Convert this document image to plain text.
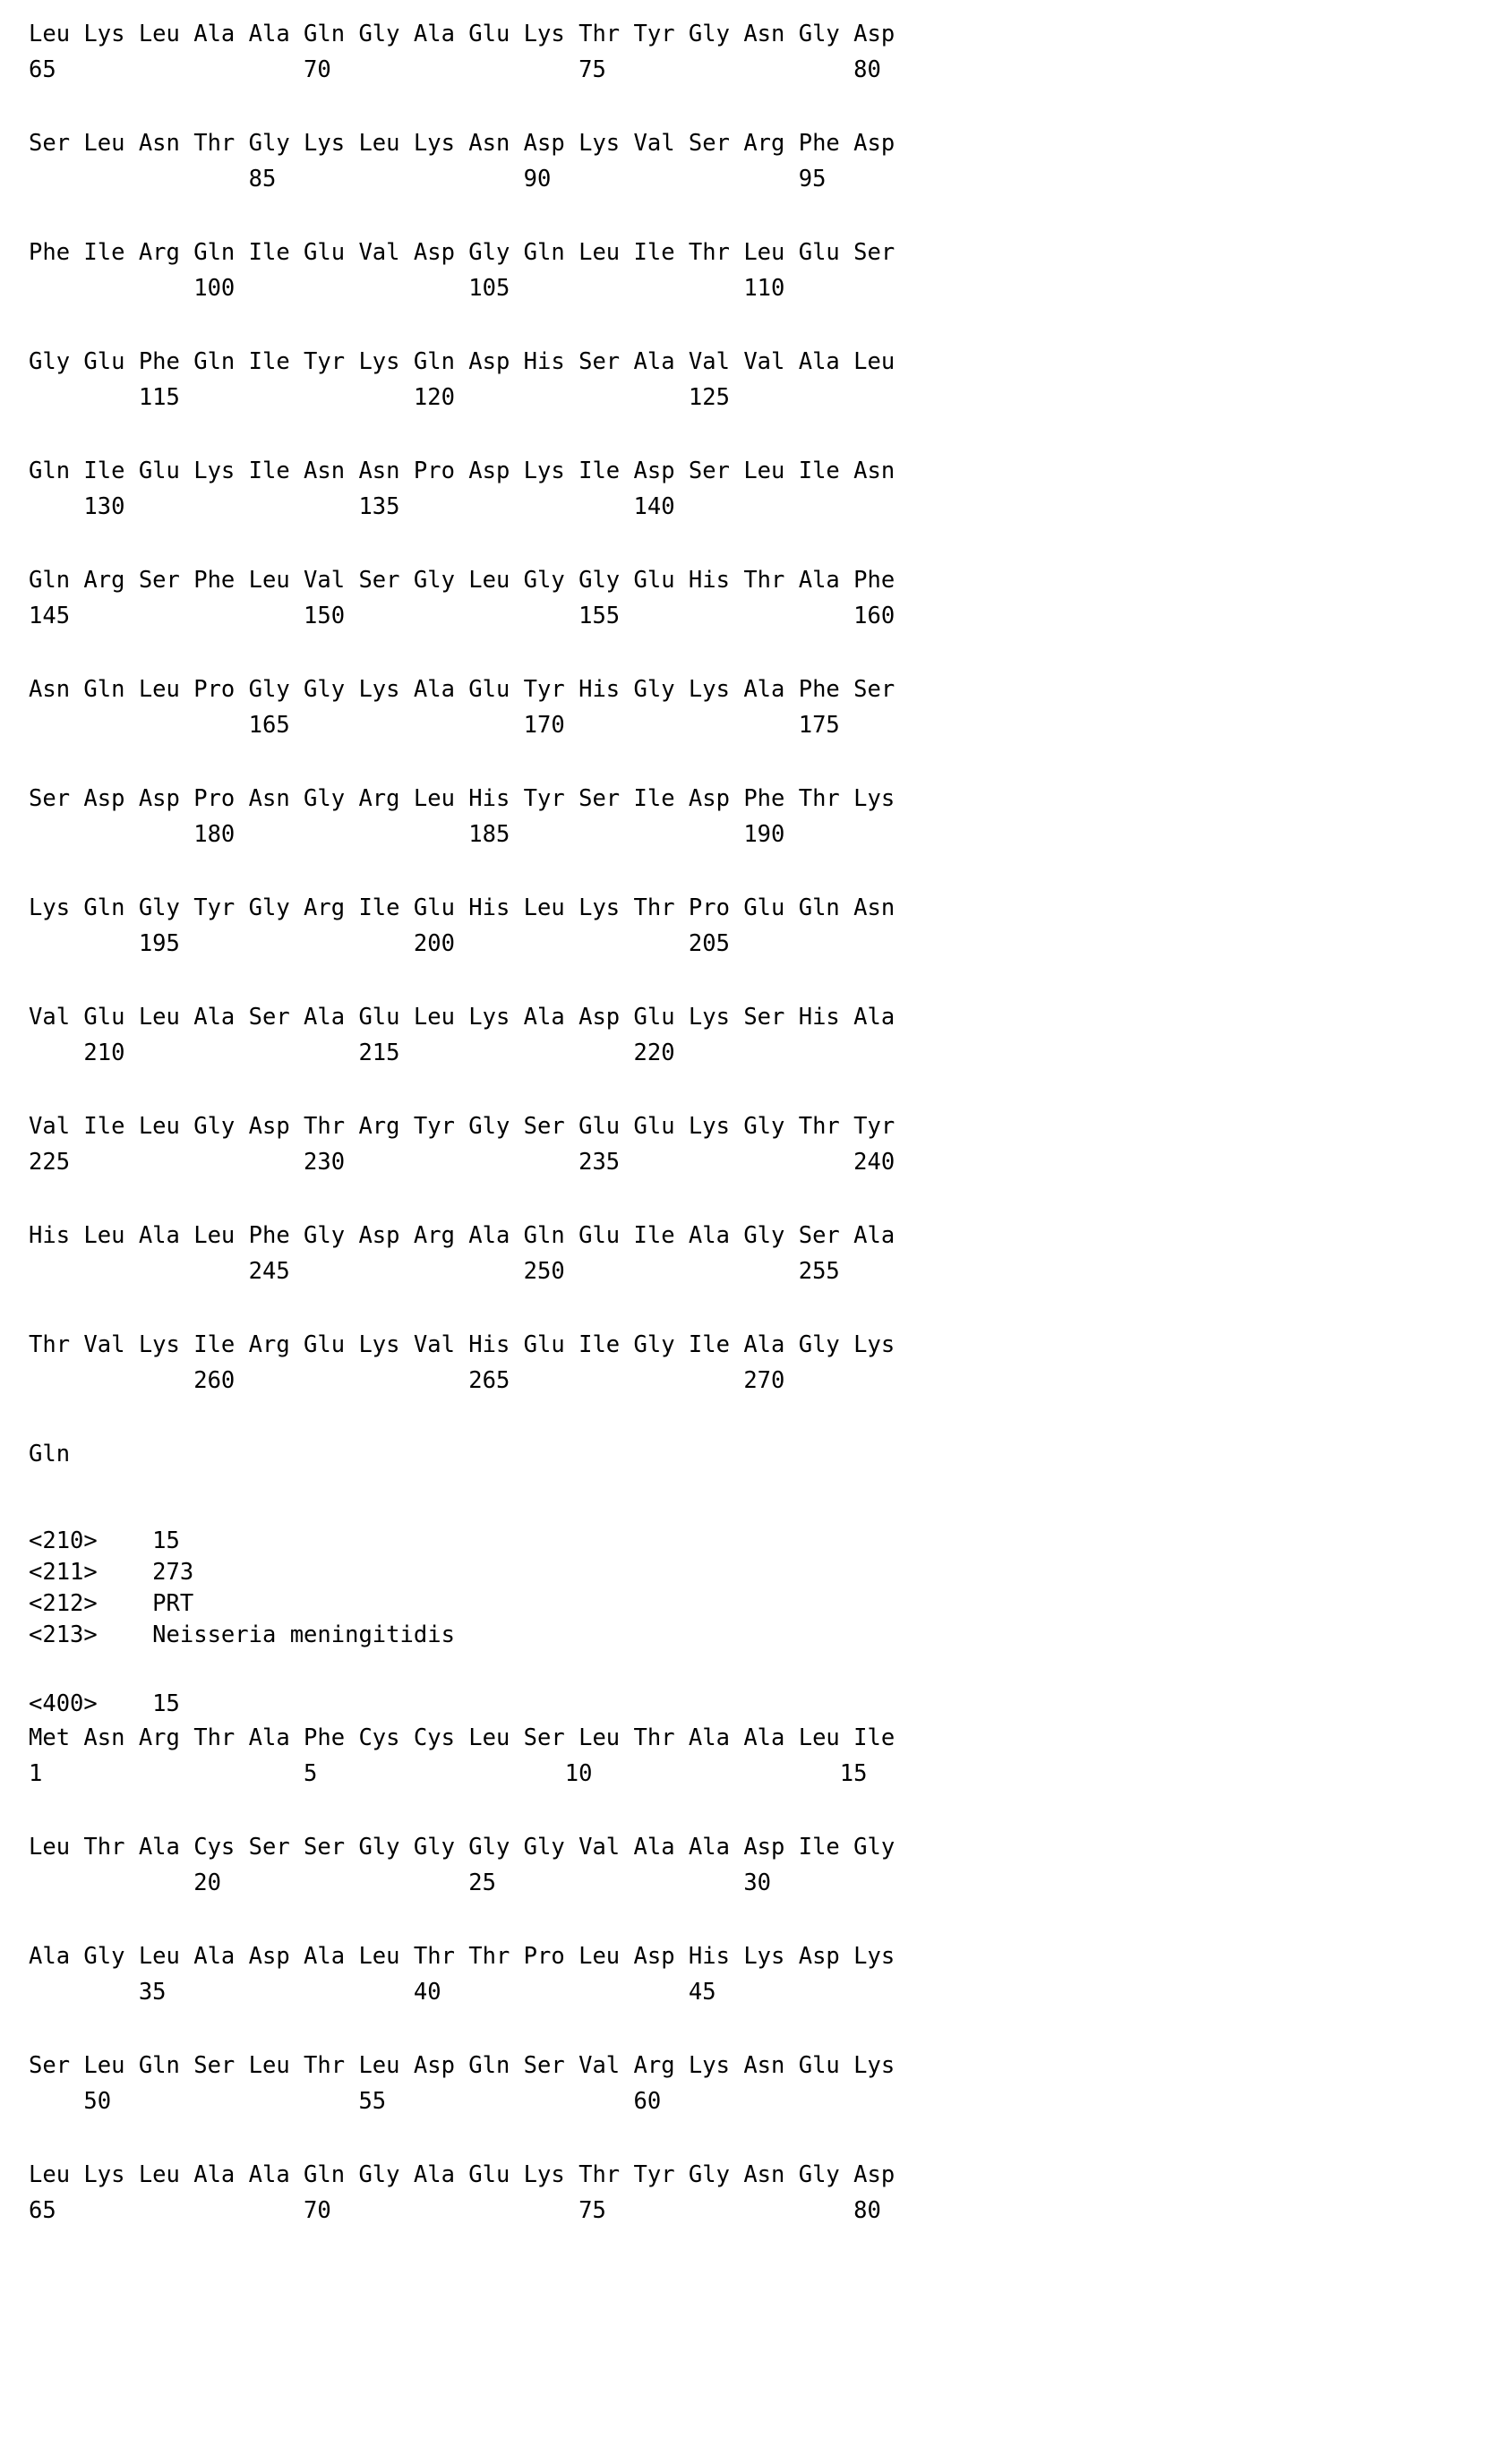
Leu Lys Leu Ala Ala Gln Gly Ala Glu Lys Thr Tyr Gly Asn Gly Asp
65                  70                  75                  80
Ser Leu Asn Thr Gly Lys Leu Lys Asn Asp Lys Val Ser Arg Phe Asp
85                  90                  95
Phe Ile Arg Gln Ile Glu Val Asp Gly Gln Leu Ile Thr Leu Glu Ser
100                 105                 110
Gly Glu Phe Gln Ile Tyr Lys Gln Asp His Ser Ala Val Val Ala Leu
115                 120                 125
Gln Ile Glu Lys Ile Asn Asn Pro Asp Lys Ile Asp Ser Leu Ile Asn
130                 135                 140
Gln Arg Ser Phe Leu Val Ser Gly Leu Gly Gly Glu His Thr Ala Phe
145                 150                 155                 160
Asn Gln Leu Pro Gly Gly Lys Ala Glu Tyr His Gly Lys Ala Phe Ser
165                 170                 175
Ser Asp Asp Pro Asn Gly Arg Leu His Tyr Ser Ile Asp Phe Thr Lys
180                 185                 190
Lys Gln Gly Tyr Gly Arg Ile Glu His Leu Lys Thr Pro Glu Gln Asn
195                 200                 205
Val Glu Leu Ala Ser Ala Glu Leu Lys Ala Asp Glu Lys Ser His Ala
210                 215                 220
Val Ile Leu Gly Asp Thr Arg Tyr Gly Ser Glu Glu Lys Gly Thr Tyr
225                 230                 235                 240
His Leu Ala Leu Phe Gly Asp Arg Ala Gln Glu Ile Ala Gly Ser Ala
245                 250                 255
Thr Val Lys Ile Arg Glu Lys Val His Glu Ile Gly Ile Ala Gly Lys
260                 265                 270
Gln
<210>    15
<211>    273
<212>    PRT
<213>    Neisseria meningitidis
<400>    15
Met Asn Arg Thr Ala Phe Cys Cys Leu Ser Leu Thr Ala Ala Leu Ile
1                   5                  10                  15
Leu Thr Ala Cys Ser Ser Gly Gly Gly Gly Val Ala Ala Asp Ile Gly
20                  25                  30
Ala Gly Leu Ala Asp Ala Leu Thr Thr Pro Leu Asp His Lys Asp Lys
35                  40                  45
Ser Leu Gln Ser Leu Thr Leu Asp Gln Ser Val Arg Lys Asn Glu Lys
50                  55                  60
Leu Lys Leu Ala Ala Gln Gly Ala Glu Lys Thr Tyr Gly Asn Gly Asp
65                  70                  75                  80
